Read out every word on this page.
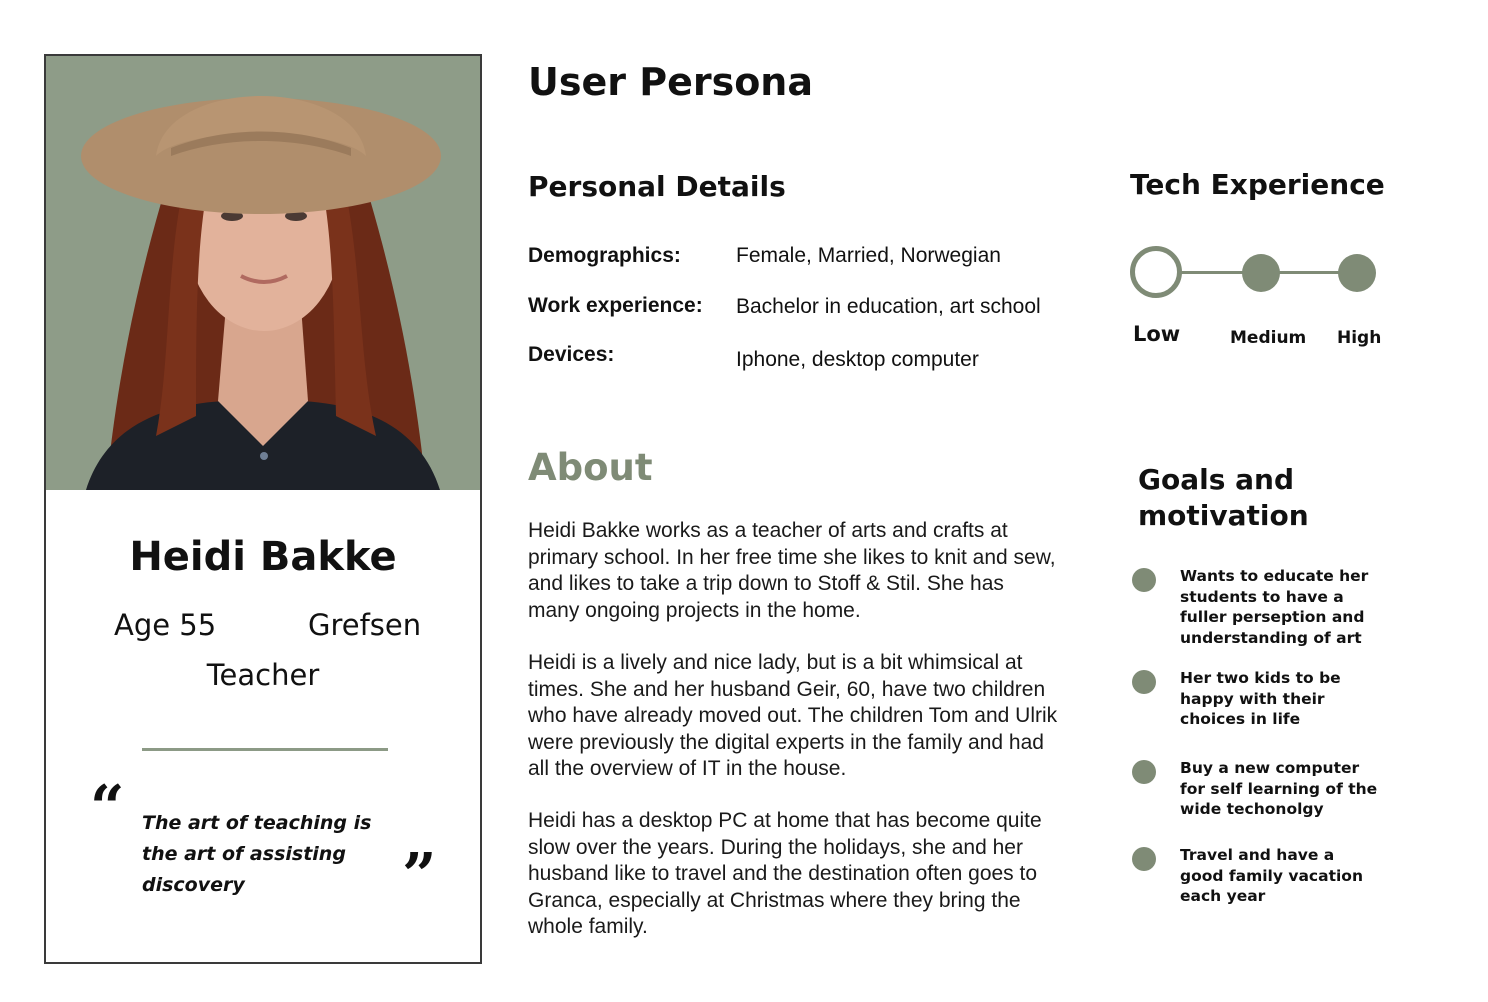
Heidi Bakke
Age 55	Grefsen
Teacher
“ The art of teaching is the art of assisting discovery	”
User Persona
Personal Details
Demographics:	Female, Married, Norwegian
Work experience: Bachelor in education, art school
Devices:	Iphone, desktop computer
About
Heidi Bakke works as a teacher of arts and crafts at primary school. In her free time she likes to knit and sew, and likes to take a trip down to Stoff & Stil. She has many ongoing projects in the home.
Heidi is a lively and nice lady, but is a bit whimsical at times. She and her husband Geir, 60, have two children who have already moved out. The children Tom and Ulrik were previously the digital experts in the family and had all the overview of IT in the house.
Heidi has a desktop PC at home that has become quite slow over the years. During the holidays, she and her husband like to travel and the destination often goes to Granca, especially at Christmas where they bring the whole family.
Tech Experience
Low	Medium High
Goals and motivation
Wants to educate her students to have a fuller perseption and understanding of art
Her two kids to be happy with their choices in life
Buy a new computer for self learning of the wide techonolgy
Travel and have a good family vacation each year
